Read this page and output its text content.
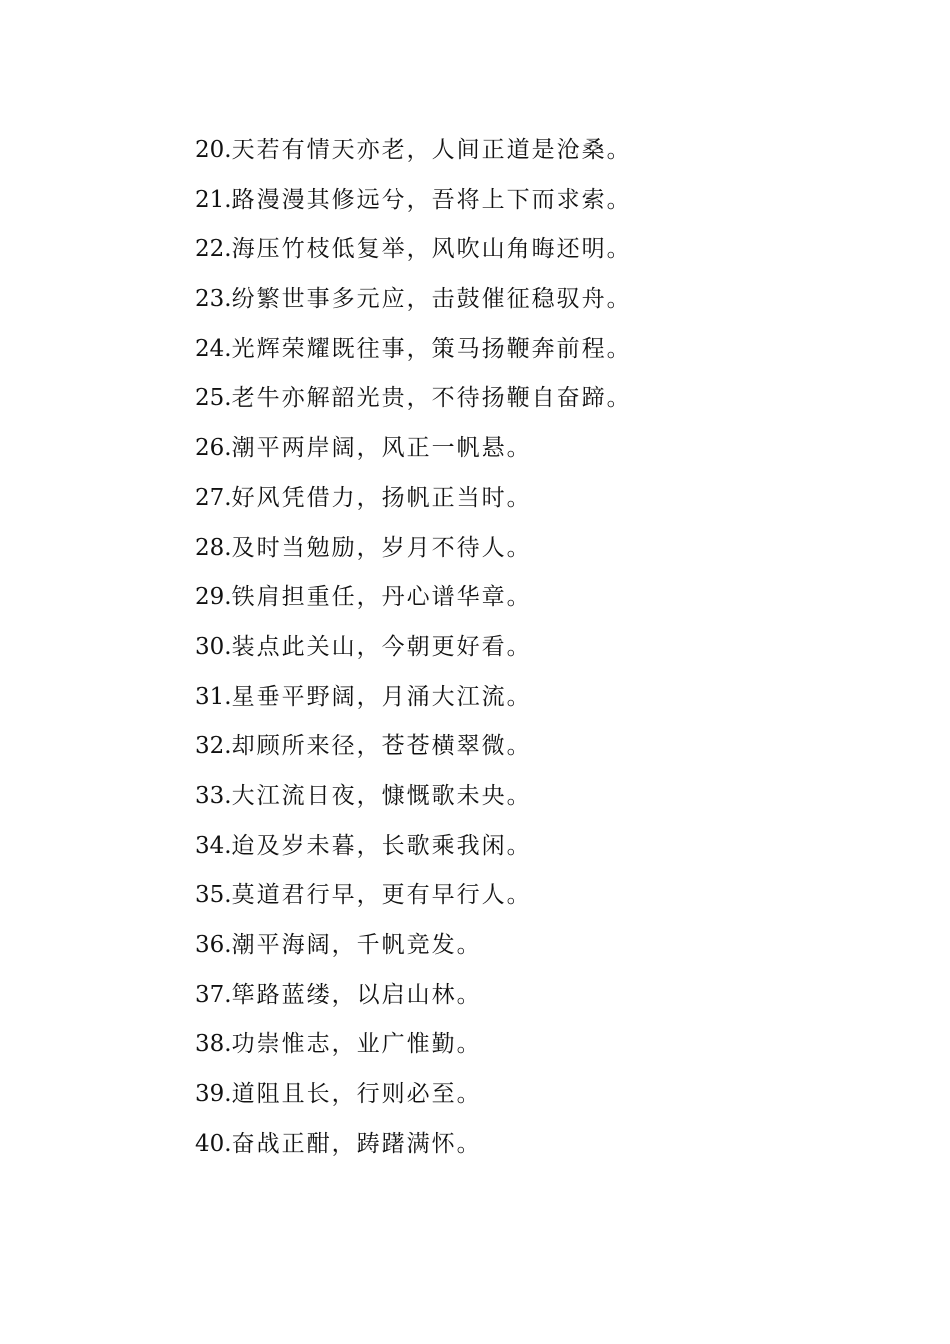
20.天若有情天亦老，人间正道是沧桑。
21.路漫漫其修远兮，吾将上下而求索。
22.海压竹枝低复举，风吹山角晦还明。
23.纷繁世事多元应，击鼓催征稳驭舟。
24.光辉荣耀既往事，策马扬鞭奔前程。
25.老牛亦解韶光贵，不待扬鞭自奋蹄。
26.潮平两岸阔，风正一帆悬。
27.好风凭借力，扬帆正当时。
28.及时当勉励，岁月不待人。
29.铁肩担重任，丹心谱华章。
30.装点此关山，今朝更好看。
31.星垂平野阔，月涌大江流。
32.却顾所来径，苍苍横翠微。
33.大江流日夜，慷慨歌未央。
34.迨及岁未暮，长歌乘我闲。
35.莫道君行早，更有早行人。
36.潮平海阔，千帆竞发。
37.筚路蓝缕，以启山林。
38.功崇惟志，业广惟勤。
39.道阻且长，行则必至。
40.奋战正酣，踌躇满怀。
